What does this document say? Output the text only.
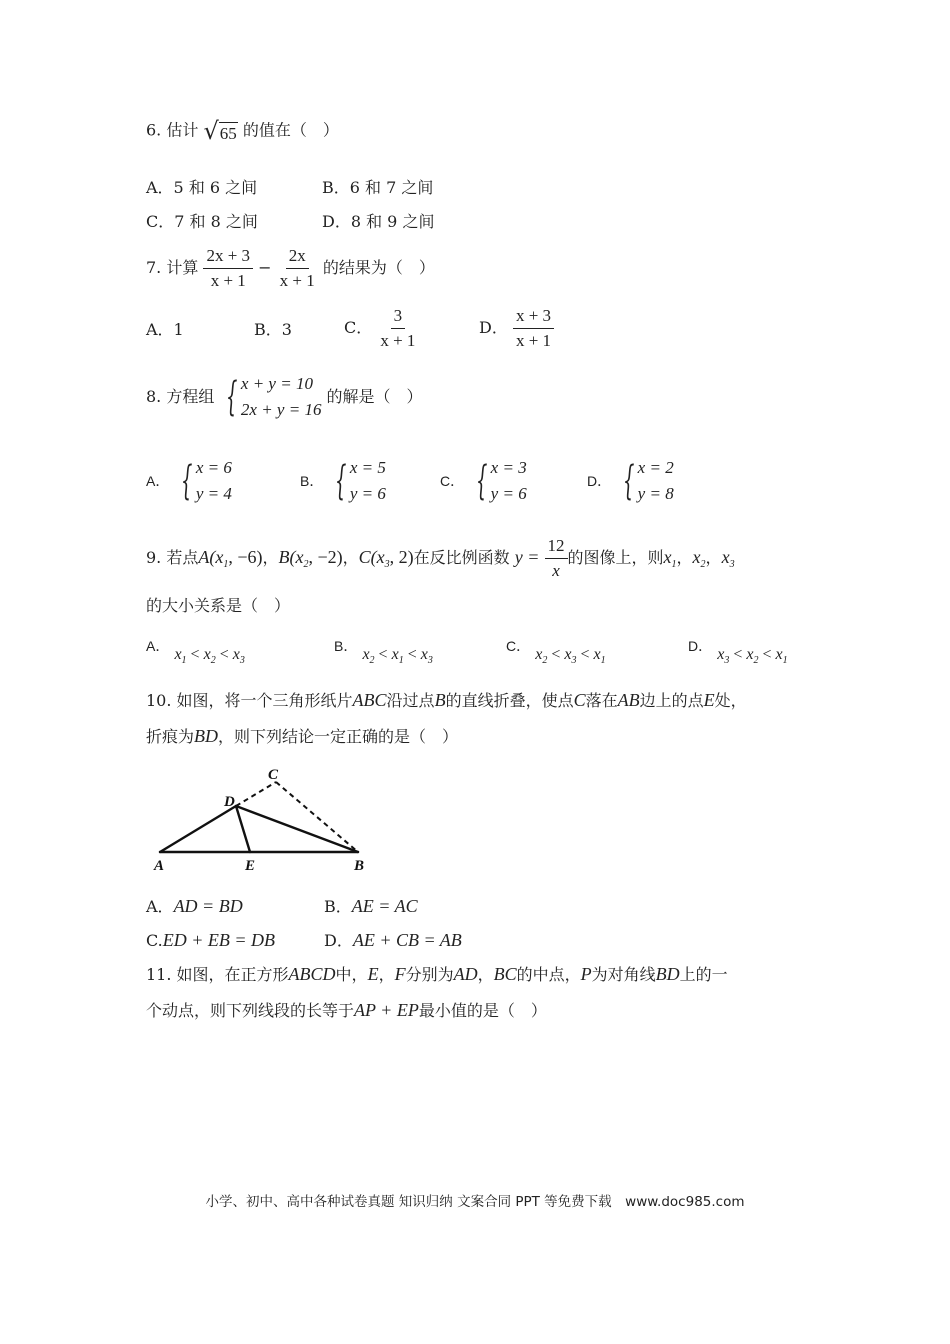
6. 估计 √ 65 的值在（　）
A．5 和 6 之间	B．6 和 7 之间
C．7 和 8 之间	D．8 和 9 之间
7. 计算 $\frac{2x + 3}{x + 1} - \frac{2x}{x + 1}$ 的结果为（　）
A．1	B．3	C． $\frac{3}{x + 1}$	D． $\frac{x + 3}{x + 1}$
8. 方程组 { x + y = 10
2x + y = 16
的解是（　）
A． { x = 6
y = 4
B． { x = 5
y = 6
C． { x = 3
y = 6
D． { x = 2
y = 8
9. 若点$A(x_1$, −6)，$B(x_2$, −2)，$C(x_3$, 2)在反比例函数 $y = \frac{12}{x}$ 的图像上，则$x_1$，$x_2$，$x_3$
的大小关系是（　）
A． $x_1 < x_2 < x_3$
B． $x_2 < x_1 < x_3$
C． $x_2 < x_3 < x_1$
D． $x_3 < x_2 < x_1$
10. 如图，将一个三角形纸片ABC沿过点B的直线折叠，使点C落在AB边上的点E处，
折痕为BD，则下列结论一定正确的是（　）
A	E	B
D
C
A．AD = BD	B．AE = AC
C.ED + EB = DB	D．AE + CB = AB
11. 如图，在正方形ABCD中，E，F分别为AD，BC的中点，P为对角线BD上的一
个动点，则下列线段的长等于AP + EP最小值的是（　）
小学、初中、高中各种试卷真题 知识归纳 文案合同 PPT 等免费下载　www.doc985.com
